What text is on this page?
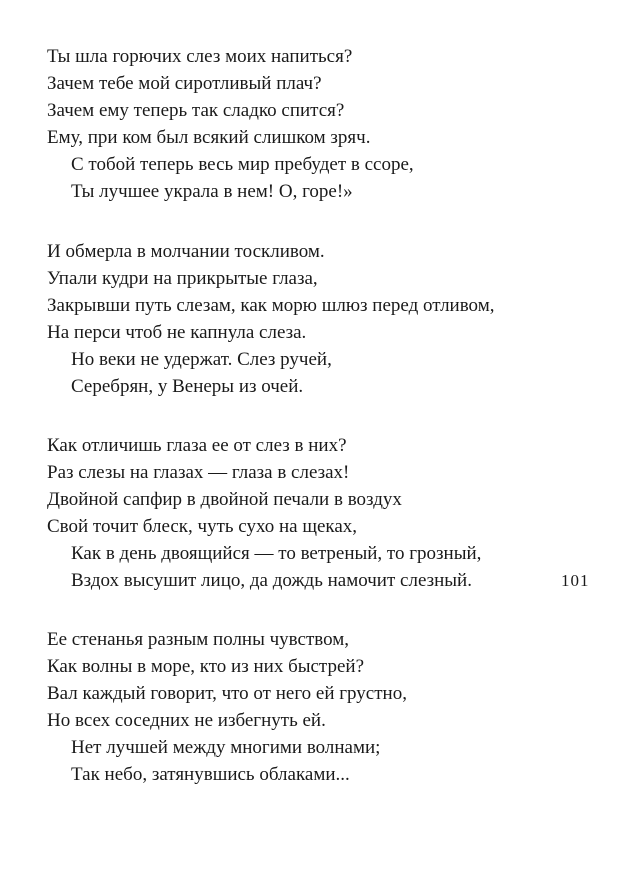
Ты шла горючих слез моих напиться?
Зачем тебе мой сиротливый плач?
Зачем ему теперь так сладко спится?
Ему, при ком был всякий слишком зряч.
С тобой теперь весь мир пребудет в ссоре,
Ты лучшее украла в нем! О, горе!»
И обмерла в молчании тоскливом.
Упали кудри на прикрытые глаза,
Закрывши путь слезам, как морю шлюз перед отливом,
На перси чтоб не капнула слеза.
Но веки не удержат. Слез ручей,
Серебрян, у Венеры из очей.
Как отличишь глаза ее от слез в них?
Раз слезы на глазах — глаза в слезах!
Двойной сапфир в двойной печали в воздух
Свой точит блеск, чуть сухо на щеках,
Как в день двоящийся — то ветреный, то грозный,
Вздох высушит лицо, да дождь намочит слезный.	101
Ее стенанья разным полны чувством,
Как волны в море, кто из них быстрей?
Вал каждый говорит, что от него ей грустно,
Но всех соседних не избегнуть ей.
Нет лучшей между многими волнами;
Так небо, затянувшись облаками...
